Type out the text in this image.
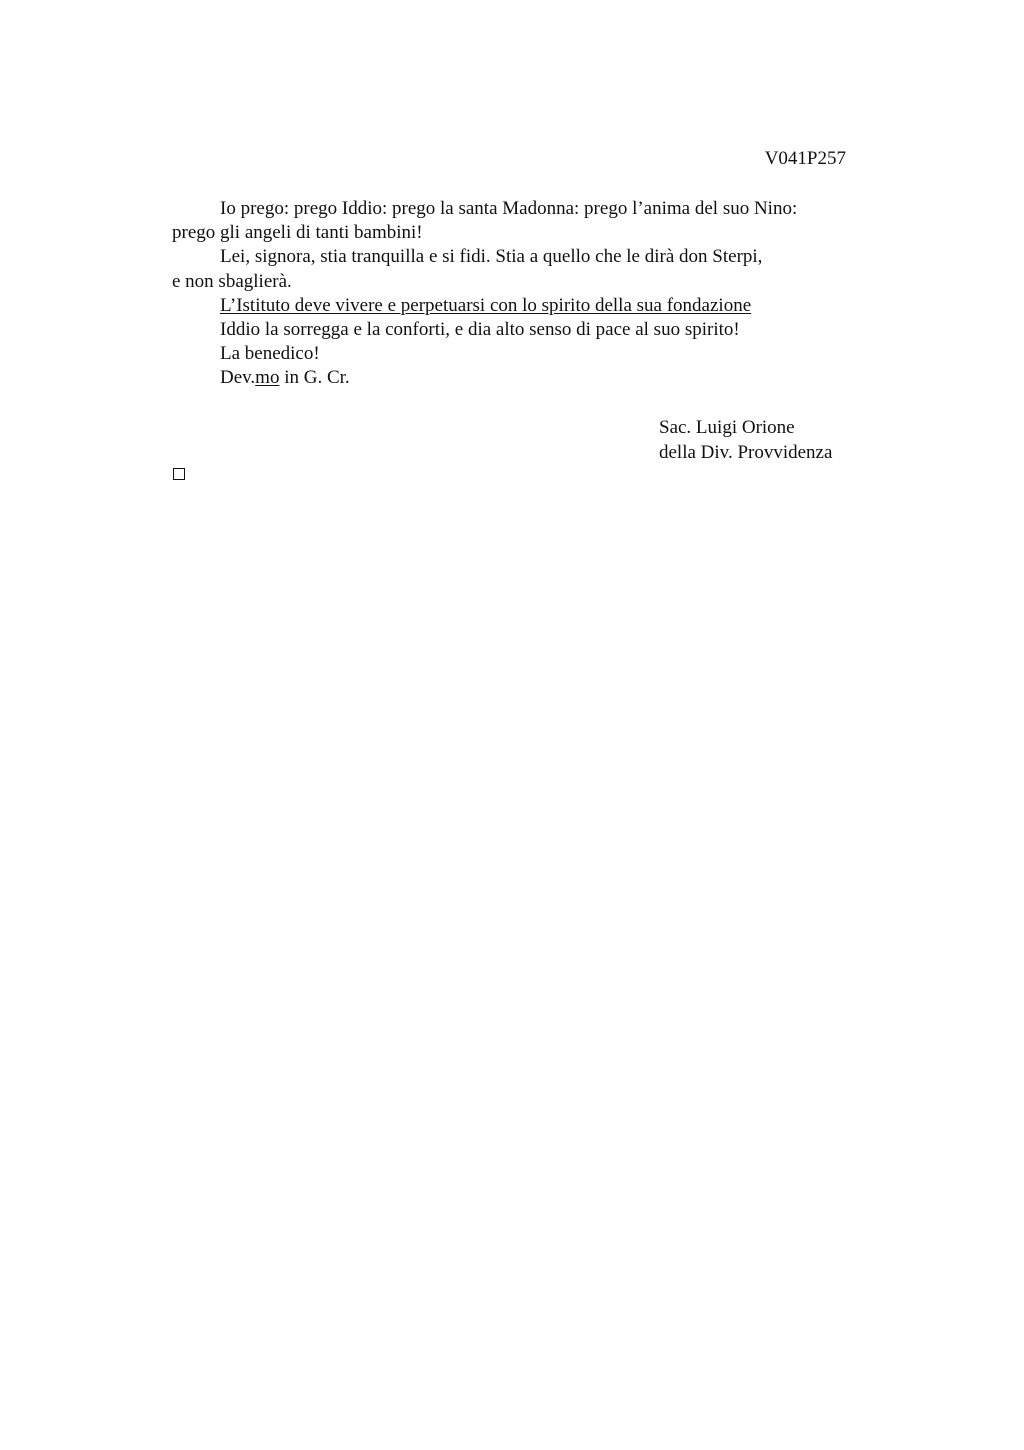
V041P257
Io prego: prego Iddio: prego la santa Madonna: prego l’anima del suo Nino:
prego gli angeli di tanti bambini!
Lei, signora, stia tranquilla e si fidi. Stia a quello che le dirà don Sterpi,
e non sbaglierà.
L’Istituto deve vivere e perpetuarsi con lo spirito della sua fondazione
Iddio la sorregga e la conforti, e dia alto senso di pace al suo spirito!
La benedico!
Dev.mo in G. Cr.
Sac. Luigi Orione
della Div. Provvidenza
